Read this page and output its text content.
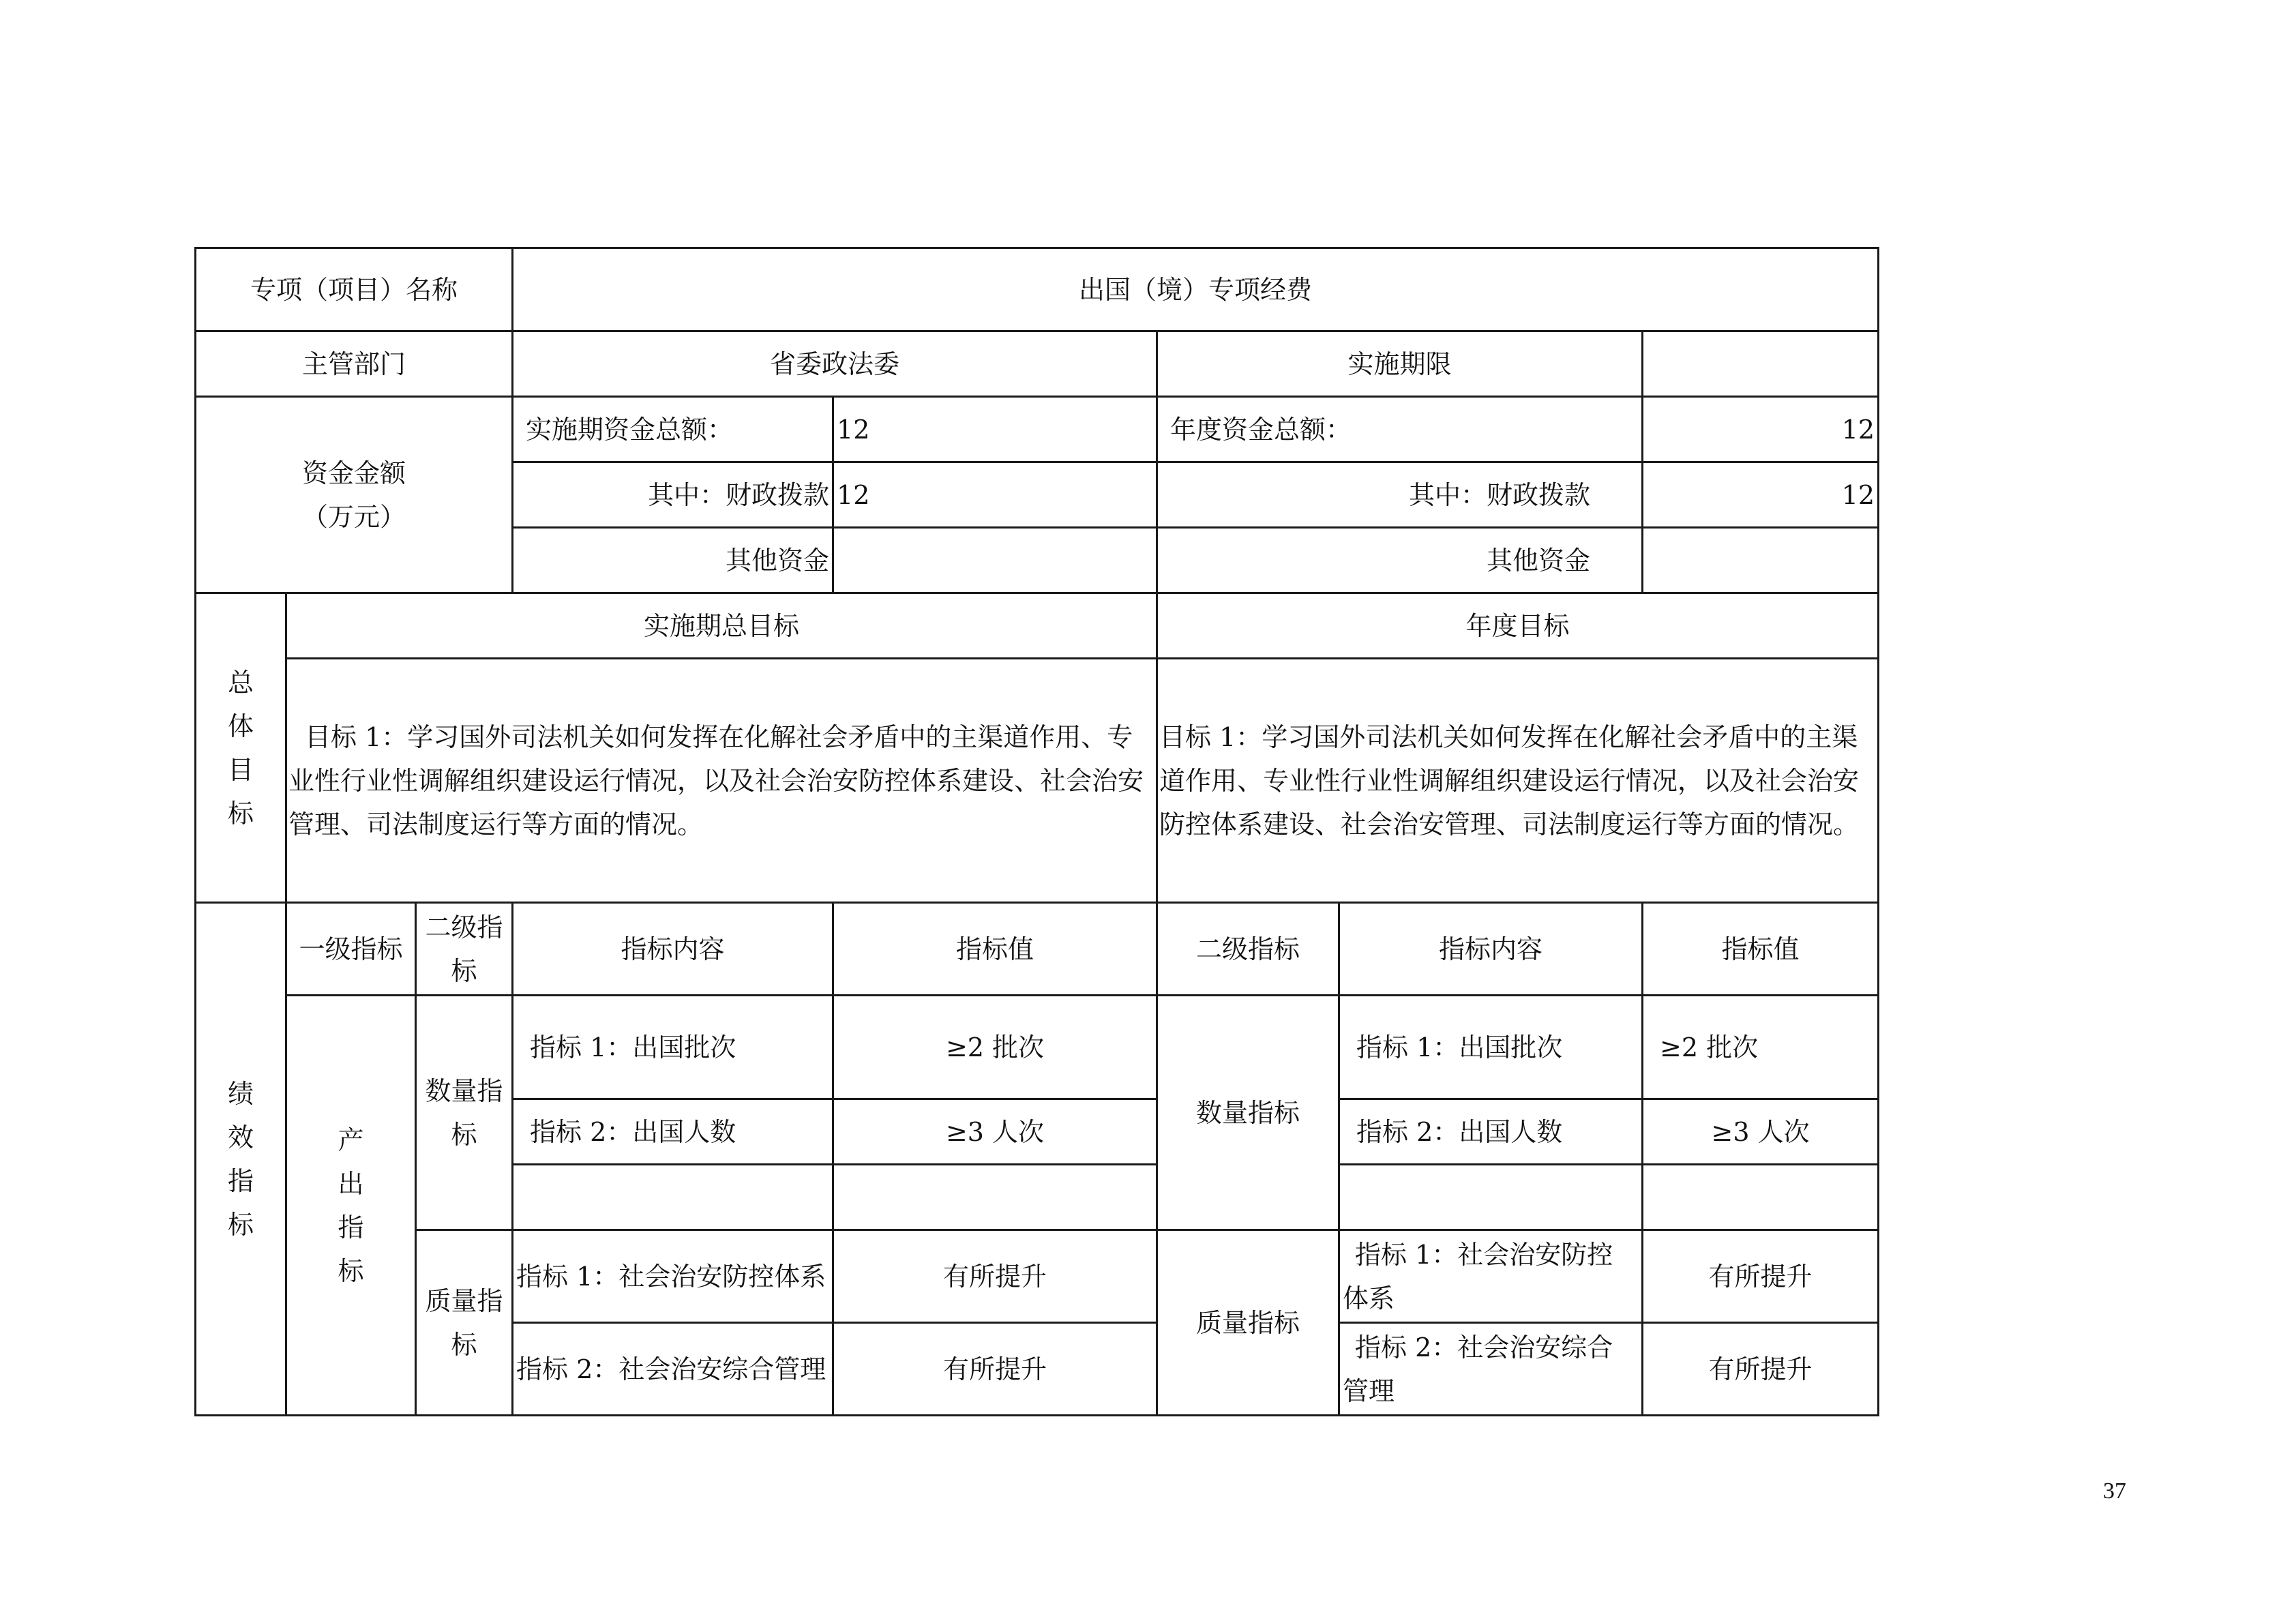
专项（项目）名称			出国（境）专项经费				
主管部门			省委政法委		实施期限		

资金金额
（万元）			实施期资金总额：	12	年度资金总额：		12
			其中：财政拨款	12	其中：财政拨款		12
			其他资金		其他资金		

总
体
目
标	实施期总目标				年度目标		
	目标 1：学习国外司法机关如何发挥在化解社会矛盾中的主渠道作用、专业性行业性调解组织建设运行情况，以及社会治安防控体系建设、社会治安管理、司法制度运行等方面的情况。				目标 1：学习国外司法机关如何发挥在化解社会矛盾中的主渠道作用、专业性行业性调解组织建设运行情况，以及社会治安防控体系建设、社会治安管理、司法制度运行等方面的情况。		

绩
效
指
标	一级指标	二级指标	指标内容	指标值	二级指标	指标内容	指标值

	产
出
指
标	数量指标	指标 1：出国批次	≥2 批次	数量指标	指标 1：出国批次	≥2 批次
			指标 2：出国人数	≥3 人次		指标 2：出国人数	≥3 人次

		质量指标	指标 1：社会治安防控体系	有所提升	质量指标	指标 1：社会治安防控体系	有所提升
			指标 2：社会治安综合管理	有所提升		指标 2：社会治安综合管理	有所提升
37
